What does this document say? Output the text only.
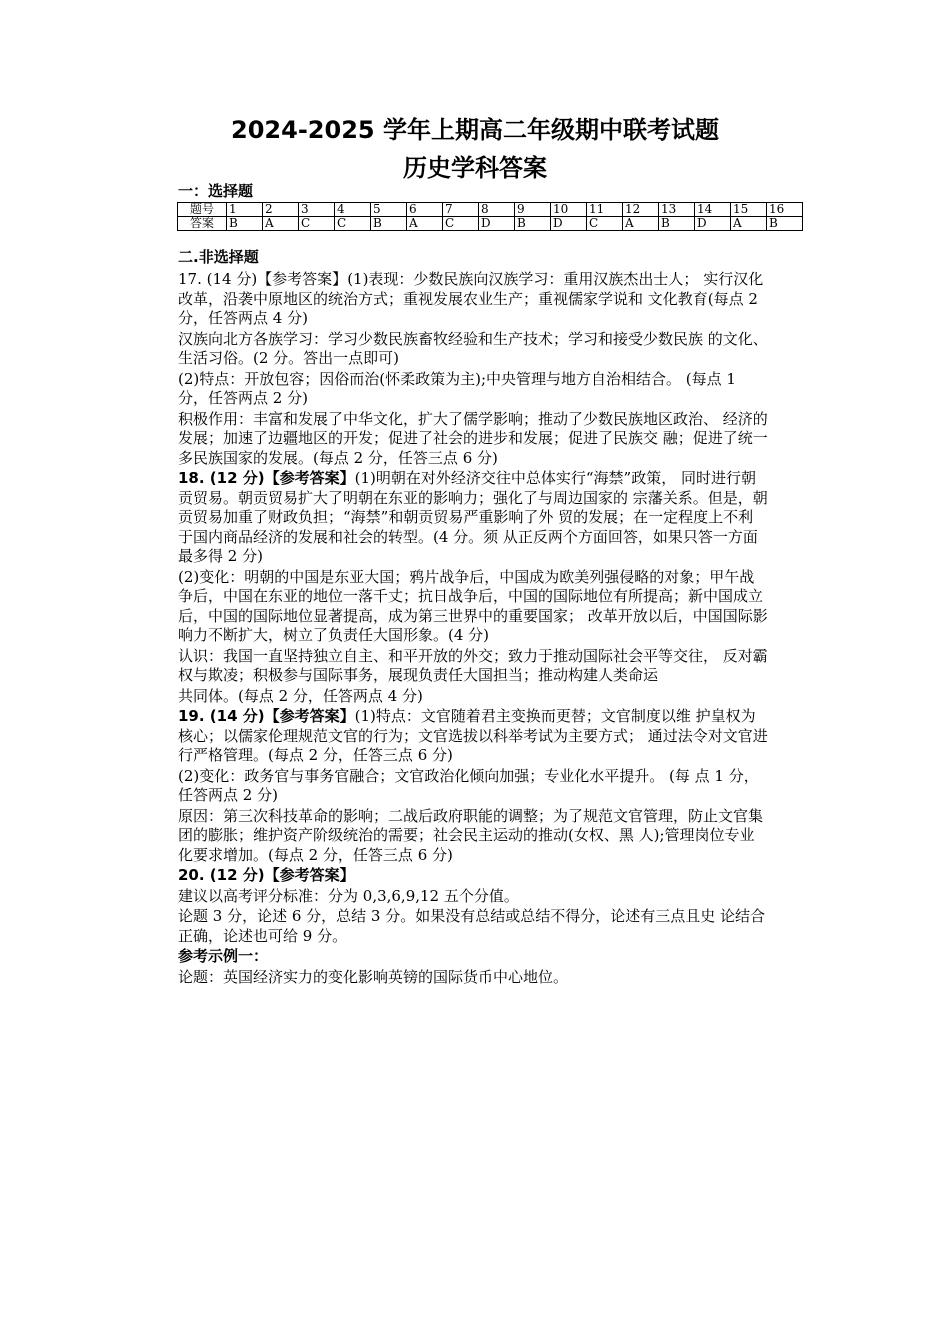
2024-2025 学年上期高二年级期中联考试题
历史学科答案
一：选择题
题号	1	2	3	4	5	6	7	8	9	10	11	12	13	14	15	16
答案	B	A	C	C	B	A	C	D	B	D	C	A	B	D	A	B
二.非选择题

17. (14 分)【参考答案】(1)表现：少数民族向汉族学习：重用汉族杰出士人； 实行汉化改革，沿袭中原地区的统治方式；重视发展农业生产；重视儒家学说和 文化教育(每点 2 分，任答两点 4 分)

汉族向北方各族学习：学习少数民族畜牧经验和生产技术；学习和接受少数民族 的文化、生活习俗。(2 分。答出一点即可)

(2)特点：开放包容；因俗而治(怀柔政策为主);中央管理与地方自治相结合。 (每点 1 分，任答两点 2 分)

积极作用：丰富和发展了中华文化，扩大了儒学影响；推动了少数民族地区政治、 经济的发展；加速了边疆地区的开发；促进了社会的进步和发展；促进了民族交 融；促进了统一多民族国家的发展。(每点 2 分，任答三点 6 分)

18. (12 分)【参考答案】(1)明朝在对外经济交往中总体实行“海禁”政策， 同时进行朝贡贸易。朝贡贸易扩大了明朝在东亚的影响力；强化了与周边国家的 宗藩关系。但是，朝贡贸易加重了财政负担；“海禁”和朝贡贸易严重影响了外 贸的发展；在一定程度上不利于国内商品经济的发展和社会的转型。(4 分。须 从正反两个方面回答，如果只答一方面最多得 2 分)

(2)变化：明朝的中国是东亚大国；鸦片战争后，中国成为欧美列强侵略的对象；甲午战争后，中国在东亚的地位一落千丈；抗日战争后，中国的国际地位有所提高；新中国成立后，中国的国际地位显著提高，成为第三世界中的重要国家； 改革开放以后，中国国际影响力不断扩大，树立了负责任大国形象。(4 分)

认识：我国一直坚持独立自主、和平开放的外交；致力于推动国际社会平等交往， 反对霸权与欺凌；积极参与国际事务，展现负责任大国担当；推动构建人类命运

共同体。(每点 2 分，任答两点 4 分)

19. (14 分)【参考答案】(1)特点：文官随着君主变换而更替；文官制度以维 护皇权为核心；以儒家伦理规范文官的行为；文官选拔以科举考试为主要方式； 通过法令对文官进行严格管理。(每点 2 分，任答三点 6 分)

(2)变化：政务官与事务官融合；文官政治化倾向加强；专业化水平提升。 (每 点 1 分，任答两点 2 分)

原因：第三次科技革命的影响；二战后政府职能的调整；为了规范文官管理，防止文官集团的膨胀；维护资产阶级统治的需要；社会民主运动的推动(女权、黑 人);管理岗位专业化要求增加。(每点 2 分，任答三点 6 分)

20. (12 分)【参考答案】

建议以高考评分标准：分为 0,3,6,9,12 五个分值。

论题 3 分，论述 6 分，总结 3 分。如果没有总结或总结不得分，论述有三点且史 论结合正确，论述也可给 9 分。

参考示例一：

论题：英国经济实力的变化影响英镑的国际货币中心地位。
